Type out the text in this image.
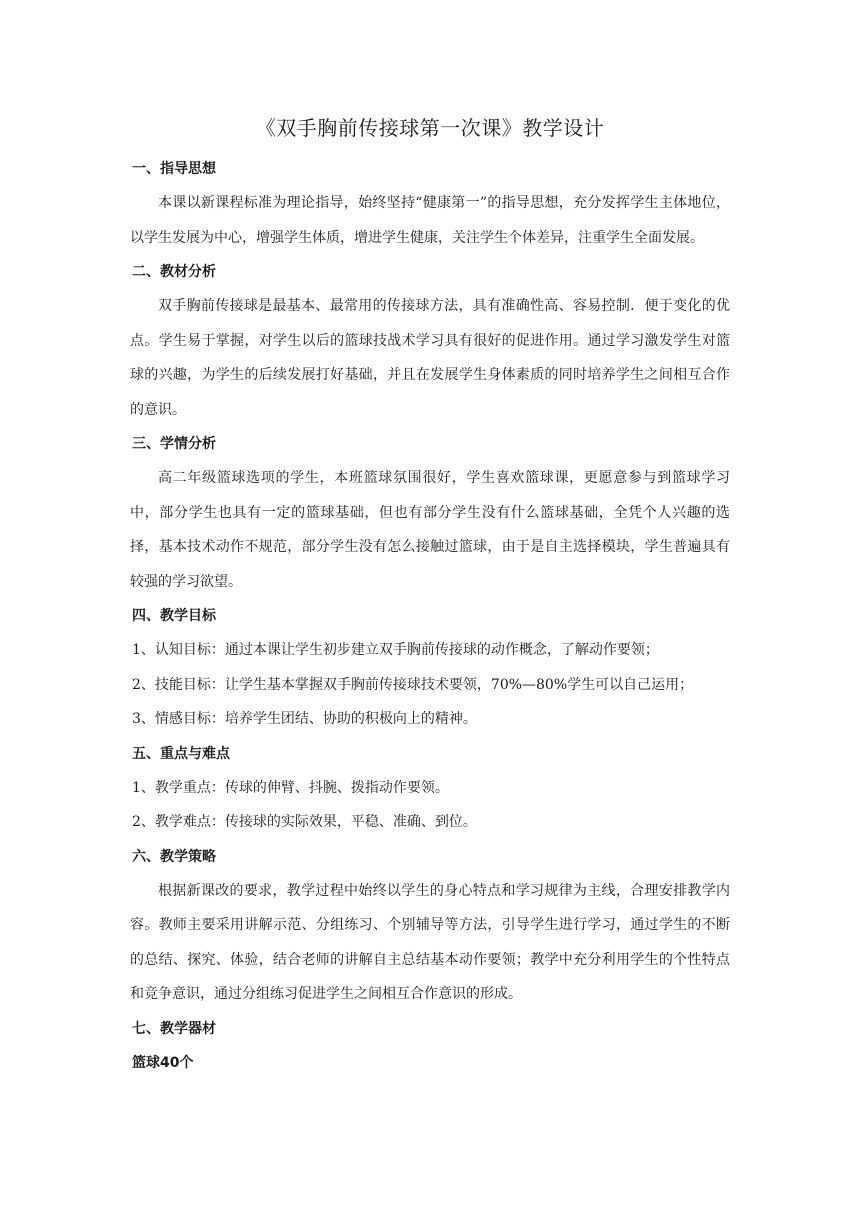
《双手胸前传接球第一次课》教学设计

一、指导思想

本课以新课程标准为理论指导，始终坚持“健康第一”的指导思想，充分发挥学生主体地位，以学生发展为中心，增强学生体质，增进学生健康，关注学生个体差异，注重学生全面发展。

二、教材分析

双手胸前传接球是最基本、最常用的传接球方法，具有准确性高、容易控制．便于变化的优点。学生易于掌握，对学生以后的篮球技战术学习具有很好的促进作用。通过学习激发学生对篮球的兴趣，为学生的后续发展打好基础，并且在发展学生身体素质的同时培养学生之间相互合作的意识。

三、学情分析

高二年级篮球选项的学生，本班篮球氛围很好，学生喜欢篮球课，更愿意参与到篮球学习中，部分学生也具有一定的篮球基础，但也有部分学生没有什么篮球基础，全凭个人兴趣的选择，基本技术动作不规范，部分学生没有怎么接触过篮球，由于是自主选择模块，学生普遍具有较强的学习欲望。

四、教学目标

1、认知目标：通过本课让学生初步建立双手胸前传接球的动作概念，了解动作要领；

2、技能目标：让学生基本掌握双手胸前传接球技术要领，70%—80%学生可以自己运用；

3、情感目标：培养学生团结、协助的积极向上的精神。

五、重点与难点

1、教学重点：传球的伸臂、抖腕、拨指动作要领。

2、教学难点：传接球的实际效果，平稳、准确、到位。

六、教学策略

根据新课改的要求，教学过程中始终以学生的身心特点和学习规律为主线，合理安排教学内容。教师主要采用讲解示范、分组练习、个别辅导等方法，引导学生进行学习，通过学生的不断的总结、探究、体验，结合老师的讲解自主总结基本动作要领；教学中充分利用学生的个性特点和竞争意识，通过分组练习促进学生之间相互合作意识的形成。

七、教学器材

篮球40个
